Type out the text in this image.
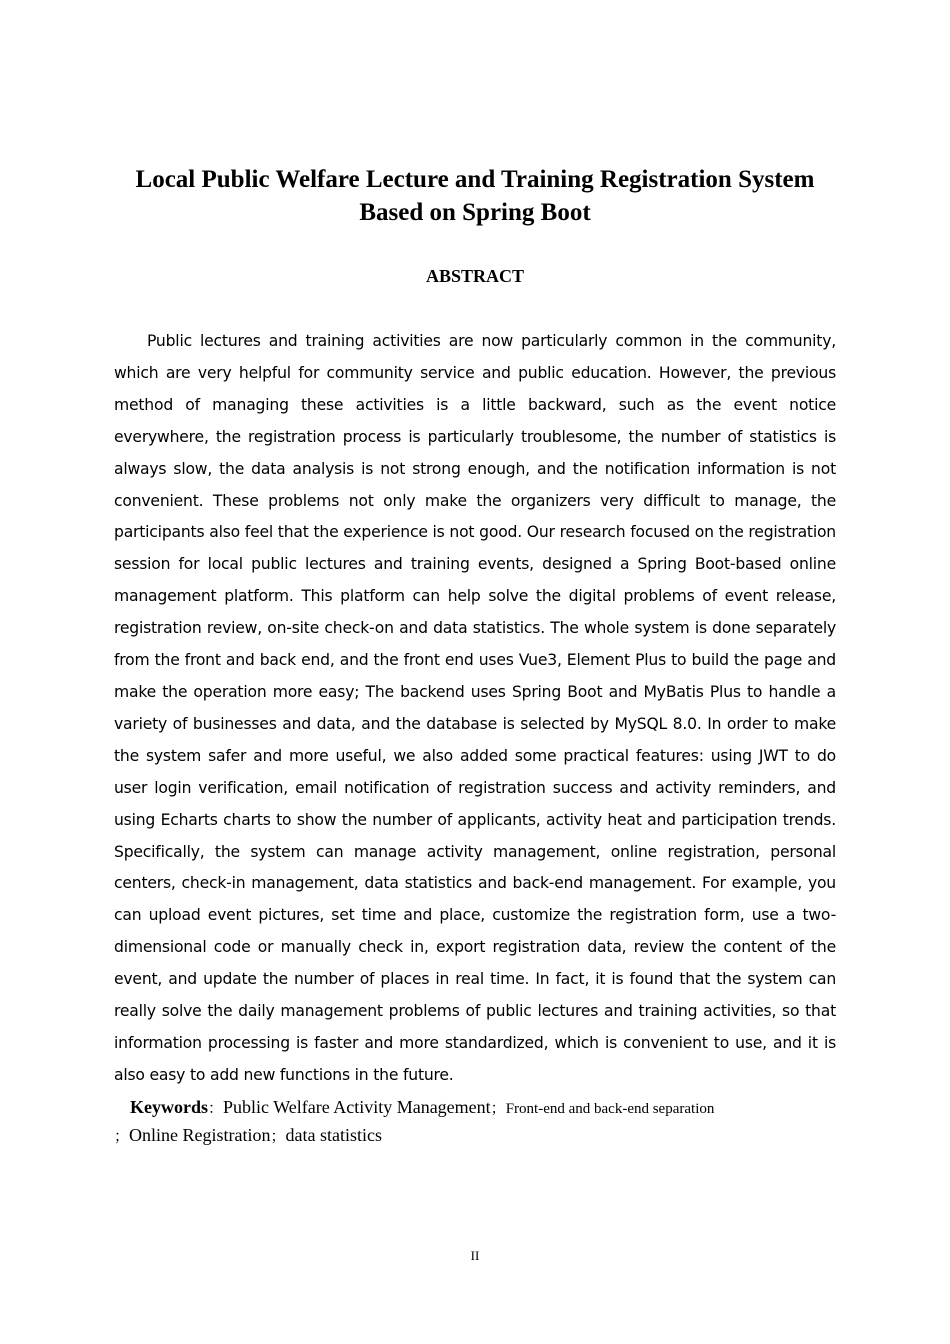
Local Public Welfare Lecture and Training Registration System
Based on Spring Boot
ABSTRACT

Public lectures and training activities are now particularly common in the community, which are very helpful for community service and public education. However, the previous method of managing these activities is a little backward, such as the event notice everywhere, the registration process is particularly troublesome, the number of statistics is always slow, the data analysis is not strong enough, and the notification information is not convenient. These problems not only make the organizers very difficult to manage, the participants also feel that the experience is not good. Our research focused on the registration session for local public lectures and training events, designed a Spring Boot-based online management platform. This platform can help solve the digital problems of event release, registration review, on-site check-on and data statistics. The whole system is done separately from the front and back end, and the front end uses Vue3, Element Plus to build the page and make the operation more easy; The backend uses Spring Boot and MyBatis Plus to handle a variety of businesses and data, and the database is selected by MySQL 8.0. In order to make the system safer and more useful, we also added some practical features: using JWT to do user login verification, email notification of registration success and activity reminders, and using Echarts charts to show the number of applicants, activity heat and participation trends. Specifically, the system can manage activity management, online registration, personal centers, check-in management, data statistics and back-end management. For example, you can upload event pictures, set time and place, customize the registration form, use a two-dimensional code or manually check in, export registration data, review the content of the event, and update the number of places in real time. In fact, it is found that the system can really solve the daily management problems of public lectures and training activities, so that information processing is faster and more standardized, which is convenient to use, and it is also easy to add new functions in the future.

Keywords：Public Welfare Activity Management；Front-end and back-end separation
；Online Registration；data statistics
II
